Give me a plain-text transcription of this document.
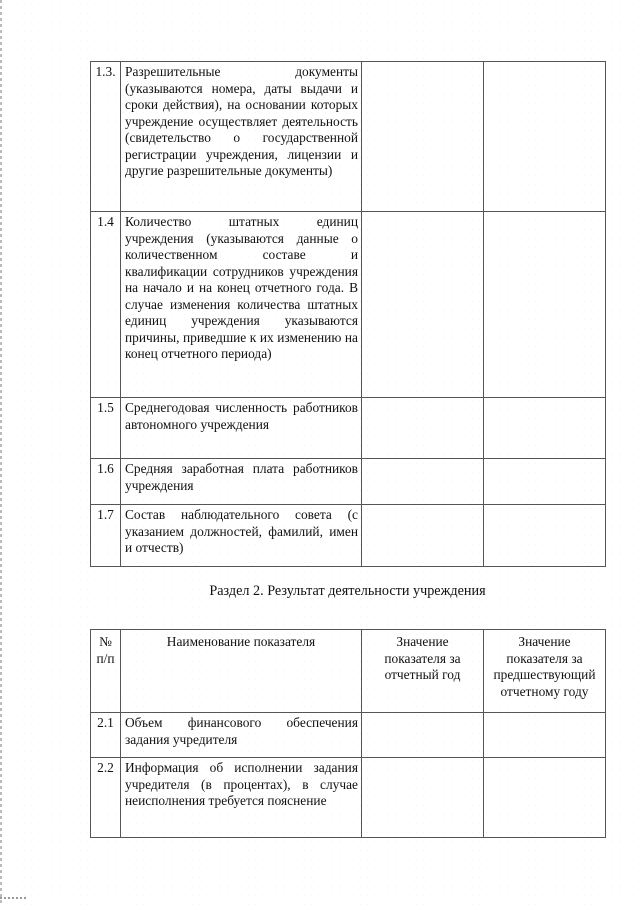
1.3.	Разрешительные документы (указываются номера, даты выдачи и сроки действия), на основании которых учреждение осуществляет деятельность (свидетельство о государственной регистрации учреждения, лицензии и другие разрешительные документы)		
1.4	Количество штатных единиц учреждения (указываются данные о количественном составе и квалификации сотрудников учреждения на начало и на конец отчетного года. В случае изменения количества штатных единиц учреждения указываются причины, приведшие к их изменению на конец отчетного периода)		
1.5	Среднегодовая численность работников автономного учреждения		
1.6	Средняя заработная плата работников учреждения		
1.7	Состав наблюдательного совета (с указанием должностей, фамилий, имен и отчеств)		
Раздел 2. Результат деятельности учреждения
№ п/п	Наименование показателя	Значение показателя за отчетный год	Значение показателя за предшествующий отчетному году
2.1	Объем финансового обеспечения задания учредителя		
2.2	Информация об исполнении задания учредителя (в процентах), в случае неисполнения требуется пояснение		
